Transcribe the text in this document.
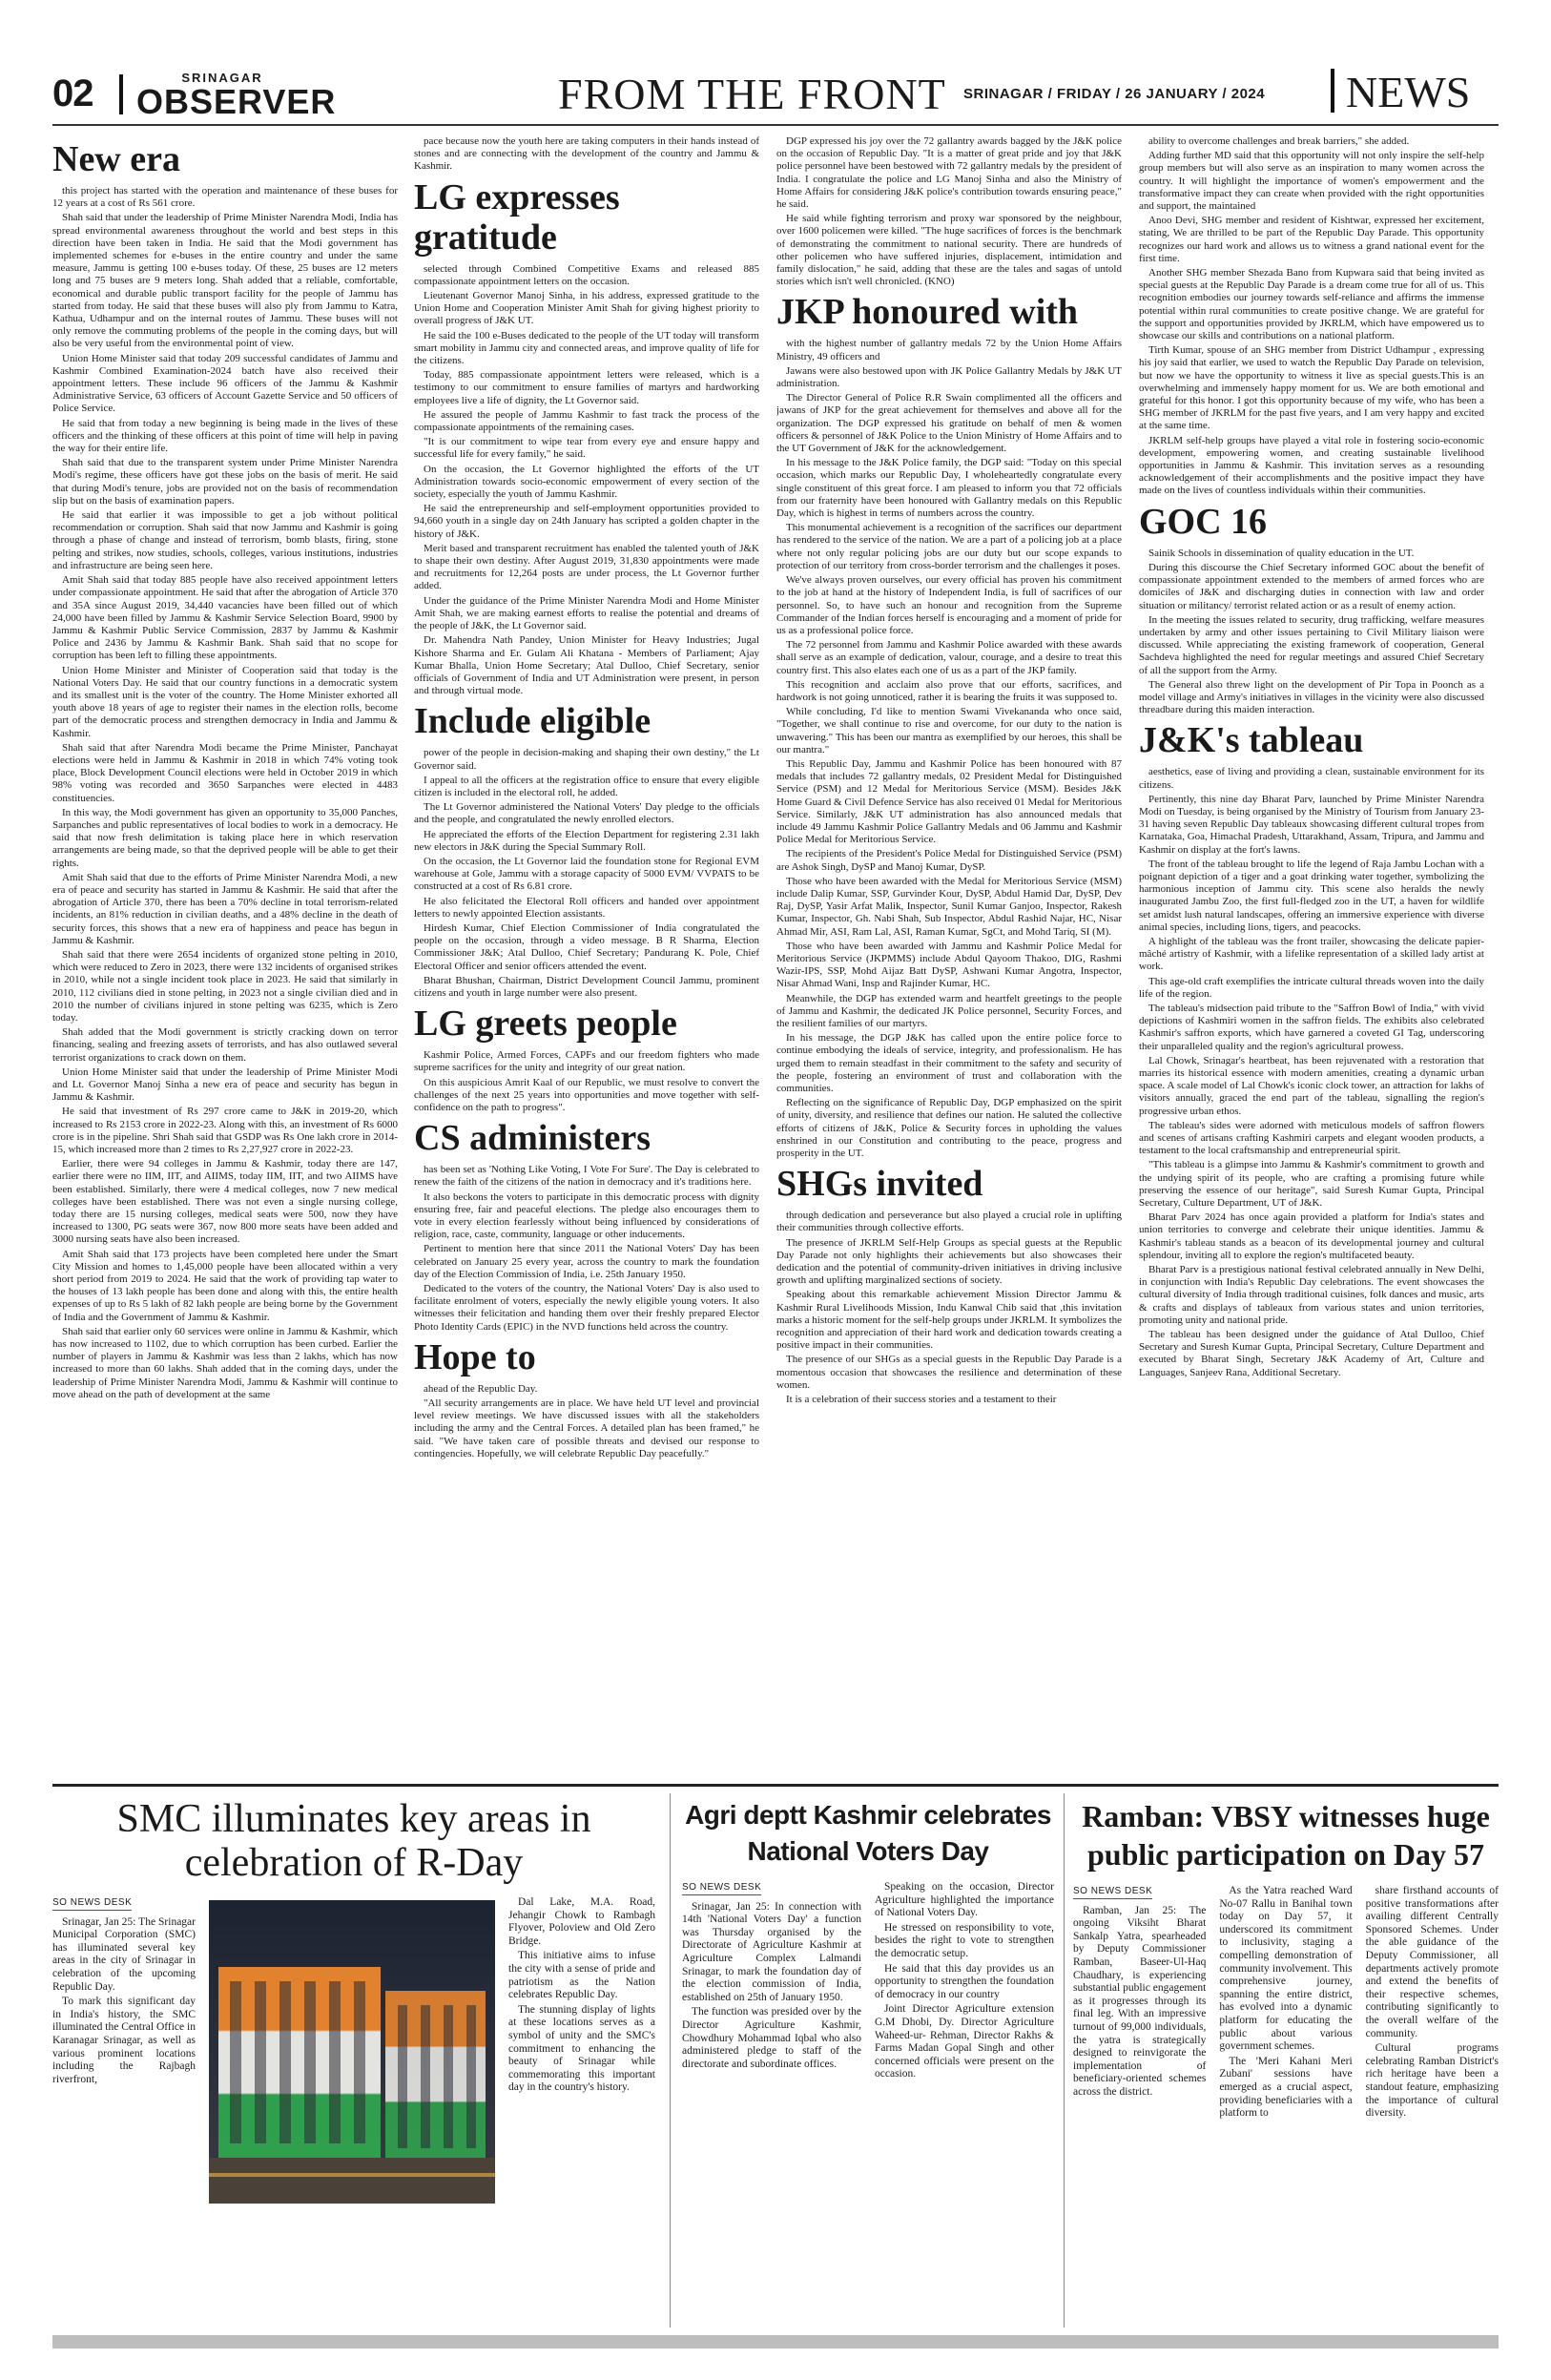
02	SRINAGAR
OBSERVER	FROM THE FRONT SRINAGAR / FRIDAY / 26 JANUARY / 2024 NEWS
New era

this project has started with the operation and maintenance of these buses for 12 years at a cost of Rs 561 crore.

Shah said that under the leadership of Prime Minister Narendra Modi, India has spread environmental awareness throughout the world and best steps in this direction have been taken in India. He said that the Modi government has implemented schemes for e-buses in the entire country and under the same measure, Jammu is getting 100 e-buses today. Of these, 25 buses are 12 meters long and 75 buses are 9 meters long. Shah added that a reliable, comfortable, economical and durable public transport facility for the people of Jammu has started from today. He said that these buses will also ply from Jammu to Katra, Kathua, Udhampur and on the internal routes of Jammu. These buses will not only remove the commuting problems of the people in the coming days, but will also be very useful from the environmental point of view.

Union Home Minister said that today 209 successful candidates of Jammu and Kashmir Combined Examination-2024 batch have also received their appointment letters. These include 96 officers of the Jammu & Kashmir Administrative Service, 63 officers of Account Gazette Service and 50 officers of Police Service.

He said that from today a new beginning is being made in the lives of these officers and the thinking of these officers at this point of time will help in paving the way for their entire life.

Shah said that due to the transparent system under Prime Minister Narendra Modi's regime, these officers have got these jobs on the basis of merit. He said that during Modi's tenure, jobs are provided not on the basis of recommendation slip but on the basis of examination papers.

He said that earlier it was impossible to get a job without political recommendation or corruption. Shah said that now Jammu and Kashmir is going through a phase of change and instead of terrorism, bomb blasts, firing, stone pelting and strikes, now studies, schools, colleges, various institutions, industries and infrastructure are being seen here.

Amit Shah said that today 885 people have also received appointment letters under compassionate appointment. He said that after the abrogation of Article 370 and 35A since August 2019, 34,440 vacancies have been filled out of which 24,000 have been filled by Jammu & Kashmir Service Selection Board, 9900 by Jammu & Kashmir Public Service Commission, 2837 by Jammu & Kashmir Police and 2436 by Jammu & Kashmir Bank. Shah said that no scope for corruption has been left to filling these appointments.

Union Home Minister and Minister of Cooperation said that today is the National Voters Day. He said that our country functions in a democratic system and its smallest unit is the voter of the country. The Home Minister exhorted all youth above 18 years of age to register their names in the election rolls, become part of the democratic process and strengthen democracy in India and Jammu & Kashmir.

Shah said that after Narendra Modi became the Prime Minister, Panchayat elections were held in Jammu & Kashmir in 2018 in which 74% voting took place, Block Development Council elections were held in October 2019 in which 98% voting was recorded and 3650 Sarpanches were elected in 4483 constituencies.

In this way, the Modi government has given an opportunity to 35,000 Panches, Sarpanches and public representatives of local bodies to work in a democracy. He said that now fresh delimitation is taking place here in which reservation arrangements are being made, so that the deprived people will be able to get their rights.

Amit Shah said that due to the efforts of Prime Minister Narendra Modi, a new era of peace and security has started in Jammu & Kashmir. He said that after the abrogation of Article 370, there has been a 70% decline in total terrorism-related incidents, an 81% reduction in civilian deaths, and a 48% decline in the death of security forces, this shows that a new era of happiness and peace has begun in Jammu & Kashmir.

Shah said that there were 2654 incidents of organized stone pelting in 2010, which were reduced to Zero in 2023, there were 132 incidents of organised strikes in 2010, while not a single incident took place in 2023. He said that similarly in 2010, 112 civilians died in stone pelting, in 2023 not a single civilian died and in 2010 the number of civilians injured in stone pelting was 6235, which is Zero today.

Shah added that the Modi government is strictly cracking down on terror financing, sealing and freezing assets of terrorists, and has also outlawed several terrorist organizations to crack down on them.

Union Home Minister said that under the leadership of Prime Minister Modi and Lt. Governor Manoj Sinha a new era of peace and security has begun in Jammu & Kashmir.

He said that investment of Rs 297 crore came to J&K in 2019-20, which increased to Rs 2153 crore in 2022-23. Along with this, an investment of Rs 6000 crore is in the pipeline. Shri Shah said that GSDP was Rs One lakh crore in 2014-15, which increased more than 2 times to Rs 2,27,927 crore in 2022-23.

Earlier, there were 94 colleges in Jammu & Kashmir, today there are 147, earlier there were no IIM, IIT, and AIIMS, today IIM, IIT, and two AIIMS have been established. Similarly, there were 4 medical colleges, now 7 new medical colleges have been established. There was not even a single nursing college, today there are 15 nursing colleges, medical seats were 500, now they have increased to 1300, PG seats were 367, now 800 more seats have been added and 3000 nursing seats have also been increased.

Amit Shah said that 173 projects have been completed here under the Smart City Mission and homes to 1,45,000 people have been allocated within a very short period from 2019 to 2024. He said that the work of providing tap water to the houses of 13 lakh people has been done and along with this, the entire health expenses of up to Rs 5 lakh of 82 lakh people are being borne by the Government of India and the Government of Jammu & Kashmir.

Shah said that earlier only 60 services were online in Jammu & Kashmir, which has now increased to 1102, due to which corruption has been curbed. Earlier the number of players in Jammu & Kashmir was less than 2 lakhs, which has now increased to more than 60 lakhs. Shah added that in the coming days, under the leadership of Prime Minister Narendra Modi, Jammu & Kashmir will continue to move ahead on the path of development at the same

pace because now the youth here are taking computers in their hands instead of stones and are connecting with the development of the country and Jammu & Kashmir.

LG expresses gratitude

selected through Combined Competitive Exams and released 885 compassionate appointment letters on the occasion.

Lieutenant Governor Manoj Sinha, in his address, expressed gratitude to the Union Home and Cooperation Minister Amit Shah for giving highest priority to overall progress of J&K UT.

He said the 100 e-Buses dedicated to the people of the UT today will transform smart mobility in Jammu city and connected areas, and improve quality of life for the citizens.

Today, 885 compassionate appointment letters were released, which is a testimony to our commitment to ensure families of martyrs and hardworking employees live a life of dignity, the Lt Governor said.

He assured the people of Jammu Kashmir to fast track the process of the compassionate appointments of the remaining cases.

"It is our commitment to wipe tear from every eye and ensure happy and successful life for every family," he said.

On the occasion, the Lt Governor highlighted the efforts of the UT Administration towards socio-economic empowerment of every section of the society, especially the youth of Jammu Kashmir.

He said the entrepreneurship and self-employment opportunities provided to 94,660 youth in a single day on 24th January has scripted a golden chapter in the history of J&K.

Merit based and transparent recruitment has enabled the talented youth of J&K to shape their own destiny. After August 2019, 31,830 appointments were made and recruitments for 12,264 posts are under process, the Lt Governor further added.

Under the guidance of the Prime Minister Narendra Modi and Home Minister Amit Shah, we are making earnest efforts to realise the potential and dreams of the people of J&K, the Lt Governor said.

Dr. Mahendra Nath Pandey, Union Minister for Heavy Industries; Jugal Kishore Sharma and Er. Gulam Ali Khatana - Members of Parliament; Ajay Kumar Bhalla, Union Home Secretary; Atal Dulloo, Chief Secretary, senior officials of Government of India and UT Administration were present, in person and through virtual mode.

Include eligible

power of the people in decision-making and shaping their own destiny," the Lt Governor said.

I appeal to all the officers at the registration office to ensure that every eligible citizen is included in the electoral roll, he added.

The Lt Governor administered the National Voters' Day pledge to the officials and the people, and congratulated the newly enrolled electors.

He appreciated the efforts of the Election Department for registering 2.31 lakh new electors in J&K during the Special Summary Roll.

On the occasion, the Lt Governor laid the foundation stone for Regional EVM warehouse at Gole, Jammu with a storage capacity of 5000 EVM/ VVPATS to be constructed at a cost of Rs 6.81 crore.

He also felicitated the Electoral Roll officers and handed over appointment letters to newly appointed Election assistants.

Hirdesh Kumar, Chief Election Commissioner of India congratulated the people on the occasion, through a video message. B R Sharma, Election Commissioner J&K; Atal Dulloo, Chief Secretary; Pandurang K. Pole, Chief Electoral Officer and senior officers attended the event.

Bharat Bhushan, Chairman, District Development Council Jammu, prominent citizens and youth in large number were also present.

LG greets people

Kashmir Police, Armed Forces, CAPFs and our freedom fighters who made supreme sacrifices for the unity and integrity of our great nation.

On this auspicious Amrit Kaal of our Republic, we must resolve to convert the challenges of the next 25 years into opportunities and move together with self-confidence on the path to progress".

CS administers

has been set as 'Nothing Like Voting, I Vote For Sure'. The Day is celebrated to renew the faith of the citizens of the nation in democracy and it's traditions here.

It also beckons the voters to participate in this democratic process with dignity ensuring free, fair and peaceful elections. The pledge also encourages them to vote in every election fearlessly without being influenced by considerations of religion, race, caste, community, language or other inducements.

Pertinent to mention here that since 2011 the National Voters' Day has been celebrated on January 25 every year, across the country to mark the foundation day of the Election Commission of India, i.e. 25th January 1950.

Dedicated to the voters of the country, the National Voters' Day is also used to facilitate enrolment of voters, especially the newly eligible young voters. It also witnesses their felicitation and handing them over their freshly prepared Elector Photo Identity Cards (EPIC) in the NVD functions held across the country.

Hope to

ahead of the Republic Day.

"All security arrangements are in place. We have held UT level and provincial level review meetings. We have discussed issues with all the stakeholders including the army and the Central Forces. A detailed plan has been framed," he said. "We have taken care of possible threats and devised our response to contingencies. Hopefully, we will celebrate Republic Day peacefully."

DGP expressed his joy over the 72 gallantry awards bagged by the J&K police on the occasion of Republic Day. "It is a matter of great pride and joy that J&K police personnel have been bestowed with 72 gallantry medals by the president of India. I congratulate the police and LG Manoj Sinha and also the Ministry of Home Affairs for considering J&K police's contribution towards ensuring peace," he said.

He said while fighting terrorism and proxy war sponsored by the neighbour, over 1600 policemen were killed. "The huge sacrifices of forces is the benchmark of demonstrating the commitment to national security. There are hundreds of other policemen who have suffered injuries, displacement, intimidation and family dislocation," he said, adding that these are the tales and sagas of untold stories which isn't well chronicled. (KNO)

JKP honoured with

with the highest number of gallantry medals 72 by the Union Home Affairs Ministry, 49 officers and

Jawans were also bestowed upon with JK Police Gallantry Medals by J&K UT administration.

The Director General of Police R.R Swain complimented all the officers and jawans of JKP for the great achievement for themselves and above all for the organization. The DGP expressed his gratitude on behalf of men & women officers & personnel of J&K Police to the Union Ministry of Home Affairs and to the UT Government of J&K for the acknowledgement.

In his message to the J&K Police family, the DGP said: "Today on this special occasion, which marks our Republic Day, I wholeheartedly congratulate every single constituent of this great force. I am pleased to inform you that 72 officials from our fraternity have been honoured with Gallantry medals on this Republic Day, which is highest in terms of numbers across the country.

This monumental achievement is a recognition of the sacrifices our department has rendered to the service of the nation. We are a part of a policing job at a place where not only regular policing jobs are our duty but our scope expands to protection of our territory from cross-border terrorism and the challenges it poses.

We've always proven ourselves, our every official has proven his commitment to the job at hand at the history of Independent India, is full of sacrifices of our personnel. So, to have such an honour and recognition from the Supreme Commander of the Indian forces herself is encouraging and a moment of pride for us as a professional police force.

The 72 personnel from Jammu and Kashmir Police awarded with these awards shall serve as an example of dedication, valour, courage, and a desire to treat this country first. This also elates each one of us as a part of the JKP family.

This recognition and acclaim also prove that our efforts, sacrifices, and hardwork is not going unnoticed, rather it is bearing the fruits it was supposed to.

While concluding, I'd like to mention Swami Vivekananda who once said, "Together, we shall continue to rise and overcome, for our duty to the nation is unwavering." This has been our mantra as exemplified by our heroes, this shall be our mantra."

This Republic Day, Jammu and Kashmir Police has been honoured with 87 medals that includes 72 gallantry medals, 02 President Medal for Distinguished Service (PSM) and 12 Medal for Meritorious Service (MSM). Besides J&K Home Guard & Civil Defence Service has also received 01 Medal for Meritorious Service. Similarly, J&K UT administration has also announced medals that include 49 Jammu Kashmir Police Gallantry Medals and 06 Jammu and Kashmir Police Medal for Meritorious Service.

The recipients of the President's Police Medal for Distinguished Service (PSM) are Ashok Singh, DySP and Manoj Kumar, DySP.

Those who have been awarded with the Medal for Meritorious Service (MSM) include Dalip Kumar, SSP, Gurvinder Kour, DySP, Abdul Hamid Dar, DySP, Dev Raj, DySP, Yasir Arfat Malik, Inspector, Sunil Kumar Ganjoo, Inspector, Rakesh Kumar, Inspector, Gh. Nabi Shah, Sub Inspector, Abdul Rashid Najar, HC, Nisar Ahmad Mir, ASI, Ram Lal, ASI, Raman Kumar, SgCt, and Mohd Tariq, SI (M).

Those who have been awarded with Jammu and Kashmir Police Medal for Meritorious Service (JKPMMS) include Abdul Qayoom Thakoo, DIG, Rashmi Wazir-IPS, SSP, Mohd Aijaz Batt DySP, Ashwani Kumar Angotra, Inspector, Nisar Ahmad Wani, Insp and Rajinder Kumar, HC.

Meanwhile, the DGP has extended warm and heartfelt greetings to the people of Jammu and Kashmir, the dedicated JK Police personnel, Security Forces, and the resilient families of our martyrs.

In his message, the DGP J&K has called upon the entire police force to continue embodying the ideals of service, integrity, and professionalism. He has urged them to remain steadfast in their commitment to the safety and security of the people, fostering an environment of trust and collaboration with the communities.

Reflecting on the significance of Republic Day, DGP emphasized on the spirit of unity, diversity, and resilience that defines our nation. He saluted the collective efforts of citizens of J&K, Police & Security forces in upholding the values enshrined in our Constitution and contributing to the peace, progress and prosperity in the UT.

SHGs invited

through dedication and perseverance but also played a crucial role in uplifting their communities through collective efforts.

The presence of JKRLM Self-Help Groups as special guests at the Republic Day Parade not only highlights their achievements but also showcases their dedication and the potential of community-driven initiatives in driving inclusive growth and uplifting marginalized sections of society.

Speaking about this remarkable achievement Mission Director Jammu & Kashmir Rural Livelihoods Mission, Indu Kanwal Chib said that ,this invitation marks a historic moment for the self-help groups under JKRLM. It symbolizes the recognition and appreciation of their hard work and dedication towards creating a positive impact in their communities.

The presence of our SHGs as a special guests in the Republic Day Parade is a momentous occasion that showcases the resilience and determination of these women.

It is a celebration of their success stories and a testament to their

ability to overcome challenges and break barriers," she added.

Adding further MD said that this opportunity will not only inspire the self-help group members but will also serve as an inspiration to many women across the country. It will highlight the importance of women's empowerment and the transformative impact they can create when provided with the right opportunities and support, the maintained

Anoo Devi, SHG member and resident of Kishtwar, expressed her excitement, stating, We are thrilled to be part of the Republic Day Parade. This opportunity recognizes our hard work and allows us to witness a grand national event for the first time.

Another SHG member Shezada Bano from Kupwara said that being invited as special guests at the Republic Day Parade is a dream come true for all of us. This recognition embodies our journey towards self-reliance and affirms the immense potential within rural communities to create positive change. We are grateful for the support and opportunities provided by JKRLM, which have empowered us to showcase our skills and contributions on a national platform.

Tirth Kumar, spouse of an SHG member from District Udhampur , expressing his joy said that earlier, we used to watch the Republic Day Parade on television, but now we have the opportunity to witness it live as special guests.This is an overwhelming and immensely happy moment for us. We are both emotional and grateful for this honor. I got this opportunity because of my wife, who has been a SHG member of JKRLM for the past five years, and I am very happy and excited at the same time.

JKRLM self-help groups have played a vital role in fostering socio-economic development, empowering women, and creating sustainable livelihood opportunities in Jammu & Kashmir. This invitation serves as a resounding acknowledgement of their accomplishments and the positive impact they have made on the lives of countless individuals within their communities.

GOC 16

Sainik Schools in dissemination of quality education in the UT.

During this discourse the Chief Secretary informed GOC about the benefit of compassionate appointment extended to the members of armed forces who are domiciles of J&K and discharging duties in connection with law and order situation or militancy/ terrorist related action or as a result of enemy action.

In the meeting the issues related to security, drug trafficking, welfare measures undertaken by army and other issues pertaining to Civil Military liaison were discussed. While appreciating the existing framework of cooperation, General Sachdeva highlighted the need for regular meetings and assured Chief Secretary of all the support from the Army.

The General also threw light on the development of Pir Topa in Poonch as a model village and Army's initiatives in villages in the vicinity were also discussed threadbare during this maiden interaction.

J&K's tableau

aesthetics, ease of living and providing a clean, sustainable environment for its citizens.

Pertinently, this nine day Bharat Parv, launched by Prime Minister Narendra Modi on Tuesday, is being organised by the Ministry of Tourism from January 23-31 having seven Republic Day tableaux showcasing different cultural tropes from Karnataka, Goa, Himachal Pradesh, Uttarakhand, Assam, Tripura, and Jammu and Kashmir on display at the fort's lawns.

The front of the tableau brought to life the legend of Raja Jambu Lochan with a poignant depiction of a tiger and a goat drinking water together, symbolizing the harmonious inception of Jammu city. This scene also heralds the newly inaugurated Jambu Zoo, the first full-fledged zoo in the UT, a haven for wildlife set amidst lush natural landscapes, offering an immersive experience with diverse animal species, including lions, tigers, and peacocks.

A highlight of the tableau was the front trailer, showcasing the delicate papier-mâché artistry of Kashmir, with a lifelike representation of a skilled lady artist at work.

This age-old craft exemplifies the intricate cultural threads woven into the daily life of the region.

The tableau's midsection paid tribute to the "Saffron Bowl of India," with vivid depictions of Kashmiri women in the saffron fields. The exhibits also celebrated Kashmir's saffron exports, which have garnered a coveted GI Tag, underscoring their unparalleled quality and the region's agricultural prowess.

Lal Chowk, Srinagar's heartbeat, has been rejuvenated with a restoration that marries its historical essence with modern amenities, creating a dynamic urban space. A scale model of Lal Chowk's iconic clock tower, an attraction for lakhs of visitors annually, graced the end part of the tableau, signalling the region's progressive urban ethos.

The tableau's sides were adorned with meticulous models of saffron flowers and scenes of artisans crafting Kashmiri carpets and elegant wooden products, a testament to the local craftsmanship and entrepreneurial spirit.

"This tableau is a glimpse into Jammu & Kashmir's commitment to growth and the undying spirit of its people, who are crafting a promising future while preserving the essence of our heritage", said Suresh Kumar Gupta, Principal Secretary, Culture Department, UT of J&K.

Bharat Parv 2024 has once again provided a platform for India's states and union territories to converge and celebrate their unique identities. Jammu & Kashmir's tableau stands as a beacon of its developmental journey and cultural splendour, inviting all to explore the region's multifaceted beauty.

Bharat Parv is a prestigious national festival celebrated annually in New Delhi, in conjunction with India's Republic Day celebrations. The event showcases the cultural diversity of India through traditional cuisines, folk dances and music, arts & crafts and displays of tableaux from various states and union territories, promoting unity and national pride.

The tableau has been designed under the guidance of Atal Dulloo, Chief Secretary and Suresh Kumar Gupta, Principal Secretary, Culture Department and executed by Bharat Singh, Secretary J&K Academy of Art, Culture and Languages, Sanjeev Rana, Additional Secretary.

SMC illuminates key areas in celebration of R-Day
SO NEWS DESK

Srinagar, Jan 25: The Srinagar Municipal Corporation (SMC) has illuminated several key areas in the city of Srinagar in celebration of the upcoming Republic Day.

To mark this significant day in India's history, the SMC illuminated the Central Office in Karanagar Srinagar, as well as various prominent locations including the Rajbagh riverfront,

Dal Lake, M.A. Road, Jehangir Chowk to Rambagh Flyover, Poloview and Old Zero Bridge.

This initiative aims to infuse the city with a sense of pride and patriotism as the Nation celebrates Republic Day.

The stunning display of lights at these locations serves as a symbol of unity and the SMC's commitment to enhancing the beauty of Srinagar while commemorating this important day in the country's history.

Agri deptt Kashmir celebrates National Voters Day
SO NEWS DESK

Srinagar, Jan 25: In connection with 14th 'National Voters Day' a function was Thursday organised by the Directorate of Agriculture Kashmir at Agriculture Complex Lalmandi Srinagar, to mark the foundation day of the election commission of India, established on 25th of January 1950.

The function was presided over by the Director Agriculture Kashmir, Chowdhury Mohammad Iqbal who also administered pledge to staff of the directorate and subordinate offices.

Speaking on the occasion, Director Agriculture highlighted the importance of National Voters Day.

He stressed on responsibility to vote, besides the right to vote to strengthen the democratic setup.

He said that this day provides us an opportunity to strengthen the foundation of democracy in our country

Joint Director Agriculture extension G.M Dhobi, Dy. Director Agriculture Waheed-ur- Rehman, Director Rakhs & Farms Madan Gopal Singh and other concerned officials were present on the occasion.

Ramban: VBSY witnesses huge public participation on Day 57
SO NEWS DESK

Ramban, Jan 25: The ongoing Viksiht Bharat Sankalp Yatra, spearheaded by Deputy Commissioner Ramban, Baseer-Ul-Haq Chaudhary, is experiencing substantial public engagement as it progresses through its final leg. With an impressive turnout of 99,000 individuals, the yatra is strategically designed to reinvigorate the implementation of beneficiary-oriented schemes across the district.

As the Yatra reached Ward No-07 Rallu in Banihal town today on Day 57, it underscored its commitment to inclusivity, staging a compelling demonstration of community involvement. This comprehensive journey, spanning the entire district, has evolved into a dynamic platform for educating the public about various government schemes.

The 'Meri Kahani Meri Zubani' sessions have emerged as a crucial aspect, providing beneficiaries with a platform to

share firsthand accounts of positive transformations after availing different Centrally Sponsored Schemes. Under the able guidance of the Deputy Commissioner, all departments actively promote and extend the benefits of their respective schemes, contributing significantly to the overall welfare of the community.

Cultural programs celebrating Ramban District's rich heritage have been a standout feature, emphasizing the importance of cultural diversity.
